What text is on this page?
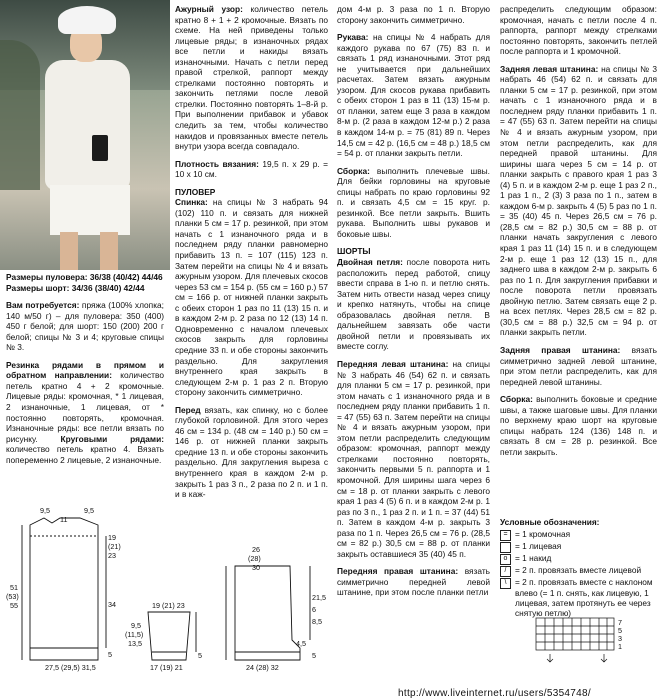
Размеры пуловера: 36/38 (40/42) 44/46

Размеры шорт: 34/36 (38/40) 42/44

Вам потребуется: пряжа (100% хлопка; 140 м/50 г) – для пуловера: 350 (400) 450 г белой; для шорт: 150 (200) 200 г белой; спицы № 3 и 4; круговые спицы № 3.

Резинка рядами в прямом и обратном направлении: количество петель кратно 4 + 2 кромочные. Лицевые ряды: кромочная, * 1 лицевая, 2 изнаночные, 1 лицевая, от * постоянно повторять, кромочная. Изнаночные ряды: все петли вязать по рисунку.	Круговыми рядами: количество петель кратно 4. Вязать попеременно 2 лицевые, 2 изнаночные.

Ажурный узор: количество петель кратно 8 + 1 + 2 кромочные. Вязать по схеме. На ней приведены только лицевые ряды; в изнаночных рядах все петли и накиды вязать изнаночными. Начать с петли перед правой стрелкой, раппорт между стрелками постоянно повторять и закончить петлями после левой стрелки. Постоянно повторять 1–8-й р. При выполнении прибавок и убавок следить за тем, чтобы количество накидов и провязанных вместе петель внутри узора всегда совпадало.

Плотность вязания: 19,5 п. x 29 р. = 10 x 10 см.

ПУЛОВЕР
Спинка: на спицы № 3 набрать 94 (102) 110 п. и связать для нижней планки 5 см = 17 р. резинкой, при этом начать с 1 изнаночного ряда и в последнем ряду планки равномерно прибавить 13 п. = 107 (115) 123 п. Затем перейти на спицы № 4 и вязать ажурным узором. Для плечевых скосов через 53 см = 154 р. (55 см = 160 р.) 57 см = 166 р. от нижней планки закрыть с обеих сторон 1 раз по 11 (13) 15 п. и в каждом 2-м р. 2 раза по 12 (13) 14 п. Одновременно с началом плечевых скосов закрыть для горловины средние 33 п. и обе стороны закончить раздельно. Для закругления внутреннего края закрыть в следующем 2-м р. 1 раз 2 п. Вторую сторону закончить симметрично.

Перед вязать, как спинку, но с более глубокой горловиной. Для этого через 46 см = 134 р. (48 см = 140 р.) 50 см = 146 р. от нижней планки закрыть средние 13 п. и обе стороны закончить раздельно. Для закругления выреза с внутреннего края в каждом 2-м р. закрыть 1 раз 3 п., 2 раза по 2 п. и 1 п. и в каж-

дом 4-м р. 3 раза по 1 п. Вторую сторону закончить симметрично.

Рукава: на спицы № 4 набрать для каждого рукава по 67 (75) 83 п. и связать 1 ряд изнаночными. Этот ряд не учитывается при дальнейших расчетах. Затем вязать ажурным узором. Для скосов рукава прибавить с обеих сторон 1 раз в 11 (13) 15-м р. от планки, затем еще 3 раза в каждом 8-м р. (2 раза в каждом 12-м р.) 2 раза в каждом 14-м р. = 75 (81) 89 п. Через 14,5 см = 42 р. (16,5 см = 48 р.) 18,5 см = 54 р. от планки закрыть петли.

Сборка: выполнить плечевые швы. Для бейки горловины на круговые спицы набрать по краю горловины 92 п. и связать 4,5 см = 15 круг. р. резинкой. Все петли закрыть. Вшить рукава. Выполнить швы рукавов и боковые швы.

ШОРТЫ
Двойная петля: после поворота нить расположить перед работой, спицу ввести справа в 1-ю п. и петлю снять. Затем нить отвести назад через спицу и крепко натянуть, чтобы на спице образовалась двойная петля. В дальнейшем завязать обе части двойной петли и провязывать их вместе соглу.

Передняя левая штанина: на спицы № 3 набрать 46 (54) 62 п. и связать для планки 5 см = 17 р. резинкой, при этом начать с 1 изнаночного ряда и в последнем ряду планки прибавить 1 п. = 47 (55) 63 п. Затем перейти на спицы № 4 и вязать ажурным узором, при этом петли распределить следующим образом: кромочная, раппорт между стрелками постоянно повторять, закончить первыми 5 п. раппорта и 1 кромочной. Для ширины шага через 6 см = 18 р. от планки закрыть с левого края 1 раз 4 (5) 6 п. и в каждом 2-м р. 1 раз по 3 п., 1 раз 2 п. и 1 п. = 37 (44) 51 п. Затем в каждом 4-м р. закрыть 3 раза по 1 п. Через 26,5 см = 76 р. (28,5 см = 82 р.) 30,5 см = 88 р. от планки закрыть оставшиеся 35 (40) 45 п.

Передняя правая штанина: вязать симметрично передней левой штанине, при этом после планки петли

распределить следующим образом: кромочная, начать с петли после 4 п. раппорта, раппорт между стрелками постоянно повторять, закончить петлей после раппорта и 1 кромочной.

Задняя левая штанина: на спицы № 3 набрать 46 (54) 62 п. и связать для планки 5 см = 17 р. резинкой, при этом начать с 1 изнаночного ряда и в последнем ряду планки прибавить 1 п. = 47 (55) 63 п. Затем перейти на спицы № 4 и вязать ажурным узором, при этом петли распределить, как для передней правой штанины. Для ширины шага через 5 см = 14 р. от планки закрыть с правого края 1 раз 3 (4) 5 п. и в каждом 2-м р. еще 1 раз 2 п., 1 раз 1 п., 2 (3) 3 раза по 1 п., затем в каждом 6-м р. закрыть 4 (5) 5 раз по 1 п. = 35 (40) 45 п. Через 26,5 см = 76 р. (28,5 см = 82 р.) 30,5 см = 88 р. от планки начать закругления с левого края 1 раз 11 (14) 15 п. и в следующем 2-м р. еще 1 раз 12 (13) 15 п., для заднего шва в каждом 2-м р. закрыть 6 раз по 1 п. Для закругления прибавки и после поворота петли провязать двойную петлю. Затем связать еще 2 р. на всех петлях. Через 28,5 см = 82 р. (30,5 см = 88 р.) 32,5 см = 94 р. от планки закрыть петли.

Задняя правая штанина: вязать симметрично задней левой штанине, при этом петли распределить, как для передней левой штанины.

Сборка: выполнить боковые и средние швы, а также шаговые швы. Для планки по верхнему краю шорт на круговые спицы набрать 124 (136) 148 п. и связать 8 см = 28 р. резинкой. Все петли закрыть.

Условные обозначения:
= = 1 кромочная
= 1 лицевая
o = 1 накид
/	= 2 п. провязать вместе лицевой
\	= 2 п. провязать вместе с наклоном влево (= 1 п. снять, как лицевую, 1 лицевая, затем протянуть ее через снятую петлю)
9,5
11
9,5
19
(21)
23
34
51
(53)
55
5
27,5 (29,5) 31,5
19 (21) 23
9,5
(11,5)
13,5
5
17 (19) 21
26
(28)
30
21,5
6
8,5
4,5
5
24 (28) 32
7
5
3
1
http://www.liveinternet.ru/users/5354748/
